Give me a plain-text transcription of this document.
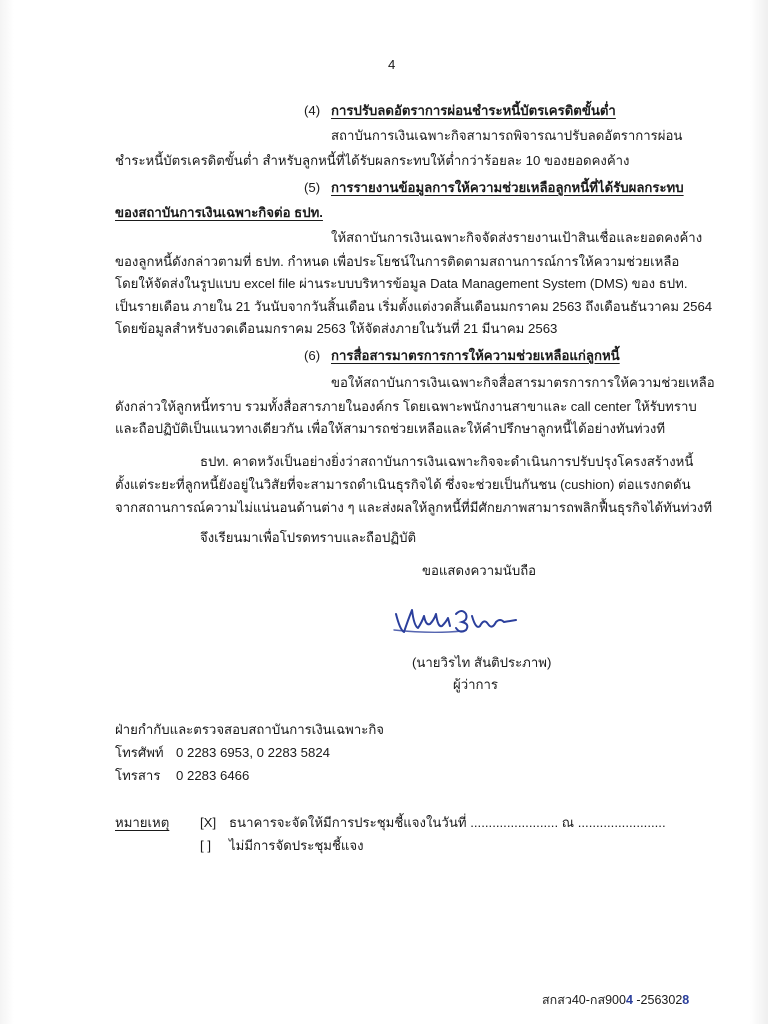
4
(4) การปรับลดอัตราการผ่อนชำระหนี้บัตรเครดิตขั้นต่ำ
สถาบันการเงินเฉพาะกิจสามารถพิจารณาปรับลดอัตราการผ่อน
ชำระหนี้บัตรเครดิตขั้นต่ำ สำหรับลูกหนี้ที่ได้รับผลกระทบให้ต่ำกว่าร้อยละ 10 ของยอดคงค้าง
(5) การรายงานข้อมูลการให้ความช่วยเหลือลูกหนี้ที่ได้รับผลกระทบ
ของสถาบันการเงินเฉพาะกิจต่อ ธปท.
ให้สถาบันการเงินเฉพาะกิจจัดส่งรายงานเป้าสินเชื่อและยอดคงค้าง
ของลูกหนี้ดังกล่าวตามที่ ธปท. กำหนด เพื่อประโยชน์ในการติดตามสถานการณ์การให้ความช่วยเหลือ
โดยให้จัดส่งในรูปแบบ excel file ผ่านระบบบริหารข้อมูล Data Management System (DMS) ของ ธปท.
เป็นรายเดือน ภายใน 21 วันนับจากวันสิ้นเดือน เริ่มตั้งแต่งวดสิ้นเดือนมกราคม 2563 ถึงเดือนธันวาคม 2564
โดยข้อมูลสำหรับงวดเดือนมกราคม 2563 ให้จัดส่งภายในวันที่ 21 มีนาคม 2563
(6) การสื่อสารมาตรการการให้ความช่วยเหลือแก่ลูกหนี้
ขอให้สถาบันการเงินเฉพาะกิจสื่อสารมาตรการการให้ความช่วยเหลือ
ดังกล่าวให้ลูกหนี้ทราบ รวมทั้งสื่อสารภายในองค์กร โดยเฉพาะพนักงานสาขาและ call center ให้รับทราบ
และถือปฏิบัติเป็นแนวทางเดียวกัน เพื่อให้สามารถช่วยเหลือและให้คำปรึกษาลูกหนี้ได้อย่างทันท่วงที
ธปท. คาดหวังเป็นอย่างยิ่งว่าสถาบันการเงินเฉพาะกิจจะดำเนินการปรับปรุงโครงสร้างหนี้
ตั้งแต่ระยะที่ลูกหนี้ยังอยู่ในวิสัยที่จะสามารถดำเนินธุรกิจได้ ซึ่งจะช่วยเป็นกันชน (cushion) ต่อแรงกดดัน
จากสถานการณ์ความไม่แน่นอนด้านต่าง ๆ และส่งผลให้ลูกหนี้ที่มีศักยภาพสามารถพลิกฟื้นธุรกิจได้ทันท่วงที
จึงเรียนมาเพื่อโปรดทราบและถือปฏิบัติ
ขอแสดงความนับถือ
(นายวิรไท สันติประภาพ)
ผู้ว่าการ
ฝ่ายกำกับและตรวจสอบสถาบันการเงินเฉพาะกิจ
โทรศัพท์ 0 2283 6953, 0 2283 5824
โทรสาร 0 2283 6466
หมายเหตุ [X] ธนาคารจะจัดให้มีการประชุมชี้แจงในวันที่ ........................ ณ ........................
[ ] ไม่มีการจัดประชุมชี้แจง
สกสว40-กส9004 -2563028
